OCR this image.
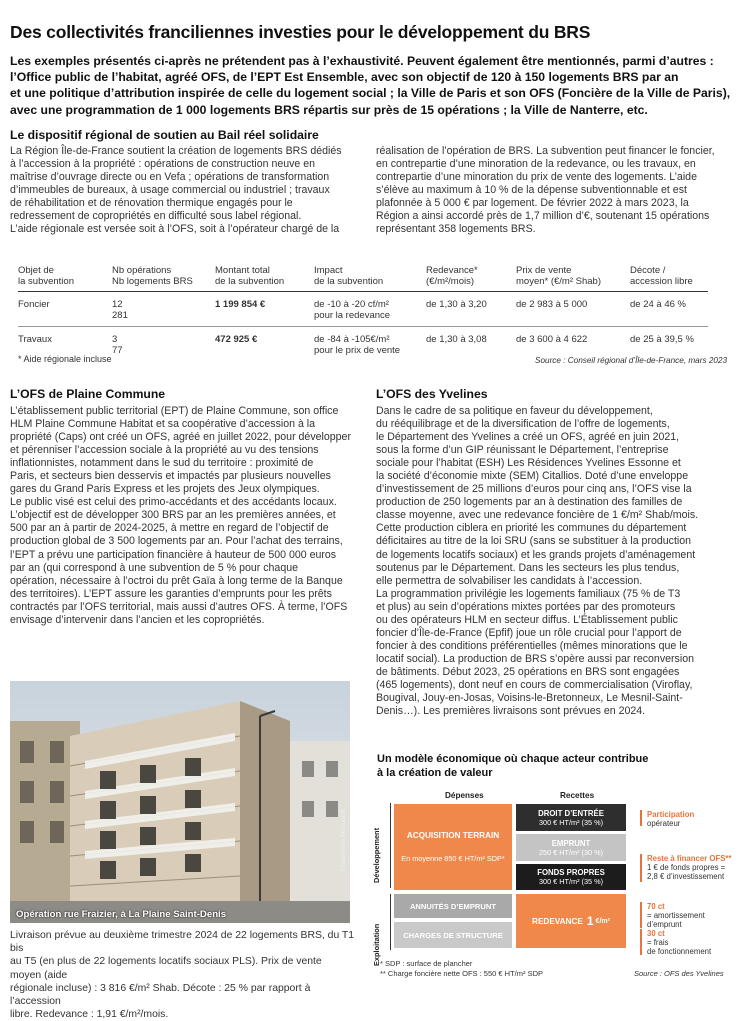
Des collectivités franciliennes investies pour le développement du BRS
Les exemples présentés ci-après ne prétendent pas à l’exhaustivité. Peuvent également être mentionnés, parmi d’autres :
l’Office public de l’habitat, agréé OFS, de l’EPT Est Ensemble, avec son objectif de 120 à 150 logements BRS par an
et une politique d’attribution inspirée de celle du logement social ; la Ville de Paris et son OFS (Foncière de la Ville de Paris),
avec une programmation de 1 000 logements BRS répartis sur près de 15 opérations ; la Ville de Nanterre, etc.
Le dispositif régional de soutien au Bail réel solidaire

La Région Île-de-France soutient la création de logements BRS dédiés

à l’accession à la propriété : opérations de construction neuve en

maîtrise d’ouvrage directe ou en Vefa ; opérations de transformation

d’immeubles de bureaux, à usage commercial ou industriel ; travaux

de réhabilitation et de rénovation thermique engagés pour le

redressement de copropriétés en difficulté sous label régional.

L’aide régionale est versée soit à l’OFS, soit à l’opérateur chargé de la

réalisation de l’opération de BRS. La subvention peut financer le foncier,

en contrepartie d’une minoration de la redevance, ou les travaux, en

contrepartie d’une minoration du prix de vente des logements. L’aide

s’élève au maximum à 10 % de la dépense subventionnable et est

plafonnée à 5 000 € par logement. De février 2022 à mars 2023, la

Région a ainsi accordé près de 1,7 million d’€, soutenant 15 opérations

représentant 358 logements BRS.

Objet de
la subvention	Nb opérations
Nb logements BRS	Montant total
de la subvention	Impact
de la subvention	Redevance*
(€/m²/mois)	Prix de vente
moyen* (€/m² Shab)	Décote /
accession libre
Foncier	12
281	1 199 854 €	de -10 à -20 cf/m²
pour la redevance	de 1,30 à 3,20	de 2 983 à 5 000	de 24 à 46 %
Travaux	3
77	472 925 €	de -84 à -105€/m²
pour le prix de vente	de 1,30 à 3,08	de 3 600 à 4 622	de 25 à 39,5 %
* Aide régionale incluse	Source : Conseil régional d’Île-de-France, mars 2023
L’OFS de Plaine Commune

L’établissement public territorial (EPT) de Plaine Commune, son office

HLM Plaine Commune Habitat et sa coopérative d’accession à la

propriété (Caps) ont créé un OFS, agréé en juillet 2022, pour développer

et pérenniser l’accession sociale à la propriété au vu des tensions

inflationnistes, notamment dans le sud du territoire : proximité de

Paris, et secteurs bien desservis et impactés par plusieurs nouvelles

gares du Grand Paris Express et les projets des Jeux olympiques.

Le public visé est celui des primo-accédants et des accédants locaux.

L’objectif est de développer 300 BRS par an les premières années, et

500 par an à partir de 2024-2025, à mettre en regard de l’objectif de

production global de 3 500 logements par an. Pour l’achat des terrains,

l’EPT a prévu une participation financière à hauteur de 500 000 euros

par an (qui correspond à une subvention de 5 % pour chaque

opération, nécessaire à l’octroi du prêt Gaïa à long terme de la Banque

des territoires). L’EPT assure les garanties d’emprunts pour les prêts

contractés par l’OFS territorial, mais aussi d’autres OFS. À terme, l’OFS

envisage d’intervenir dans l’ancien et les copropriétés.

L’OFS des Yvelines

Dans le cadre de sa politique en faveur du développement,

du rééquilibrage et de la diversification de l’offre de logements,

le Département des Yvelines a créé un OFS, agréé en juin 2021,

sous la forme d’un GIP réunissant le Département, l’entreprise

sociale pour l’habitat (ESH) Les Résidences Yvelines Essonne et

la société d’économie mixte (SEM) Citallios. Doté d’une enveloppe

d’investissement de 25 millions d’euros pour cinq ans, l’OFS vise la

production de 250 logements par an à destination des familles de

classe moyenne, avec une redevance foncière de 1 €/m² Shab/mois.

Cette production ciblera en priorité les communes du département

déficitaires au titre de la loi SRU (sans se substituer à la production

de logements locatifs sociaux) et les grands projets d’aménagement

soutenus par le Département. Dans les secteurs les plus tendus,

elle permettra de solvabiliser les candidats à l’accession.

La programmation privilégie les logements familiaux (75 % de T3

et plus) au sein d’opérations mixtes portées par des promoteurs

ou des opérateurs HLM en secteur diffus. L’Établissement public

foncier d’Île-de-France (Epfif) joue un rôle crucial pour l’apport de

foncier à des conditions préférentielles (mêmes minorations que le

locatif social). La production de BRS s’opère aussi par reconversion

de bâtiments. Début 2023, 25 opérations en BRS sont engagées

(465 logements), dont neuf en cours de commercialisation (Viroflay,

Bougival, Jouy-en-Josas, Voisins-le-Bretonneux, Le Mesnil-Saint-

Denis…). Les premières livraisons sont prévues en 2024.

Opération rue Fraizier, à La Plaine Saint-Denis
Dreamland Boussard
Livraison prévue au deuxième trimestre 2024 de 22 logements BRS, du T1 bis
au T5 (en plus de 22 logements locatifs sociaux PLS). Prix de vente moyen (aide
régionale incluse) : 3 816 €/m² Shab. Décote : 25 % par rapport à l’accession
libre. Redevance : 1,91 €/m²/mois.
Un modèle économique où chaque acteur contribue
à la création de valeur
Dépenses	Recettes
Développement
Exploitation
ACQUISITION TERRAIN
En moyenne 850 € HT/m² SDP*
ANNUITÉS D’EMPRUNT
CHARGES DE STRUCTURE
DROIT D’ENTRÉE
300 € HT/m² (35 %)
EMPRUNT
250 € HT/m² (30 %)
FONDS PROPRES
300 € HT/m² (35 %)
REDEVANCE 1 €/m²
Participation
opérateur
Reste à financer OFS**
1 € de fonds propres =
2,8 € d’investissement
70 ct
= amortissement
d’emprunt
30 ct
= frais
de fonctionnement
* SDP : surface de plancher
** Charge foncière nette OFS : 550 € HT/m² SDP	Source : OFS des Yvelines
